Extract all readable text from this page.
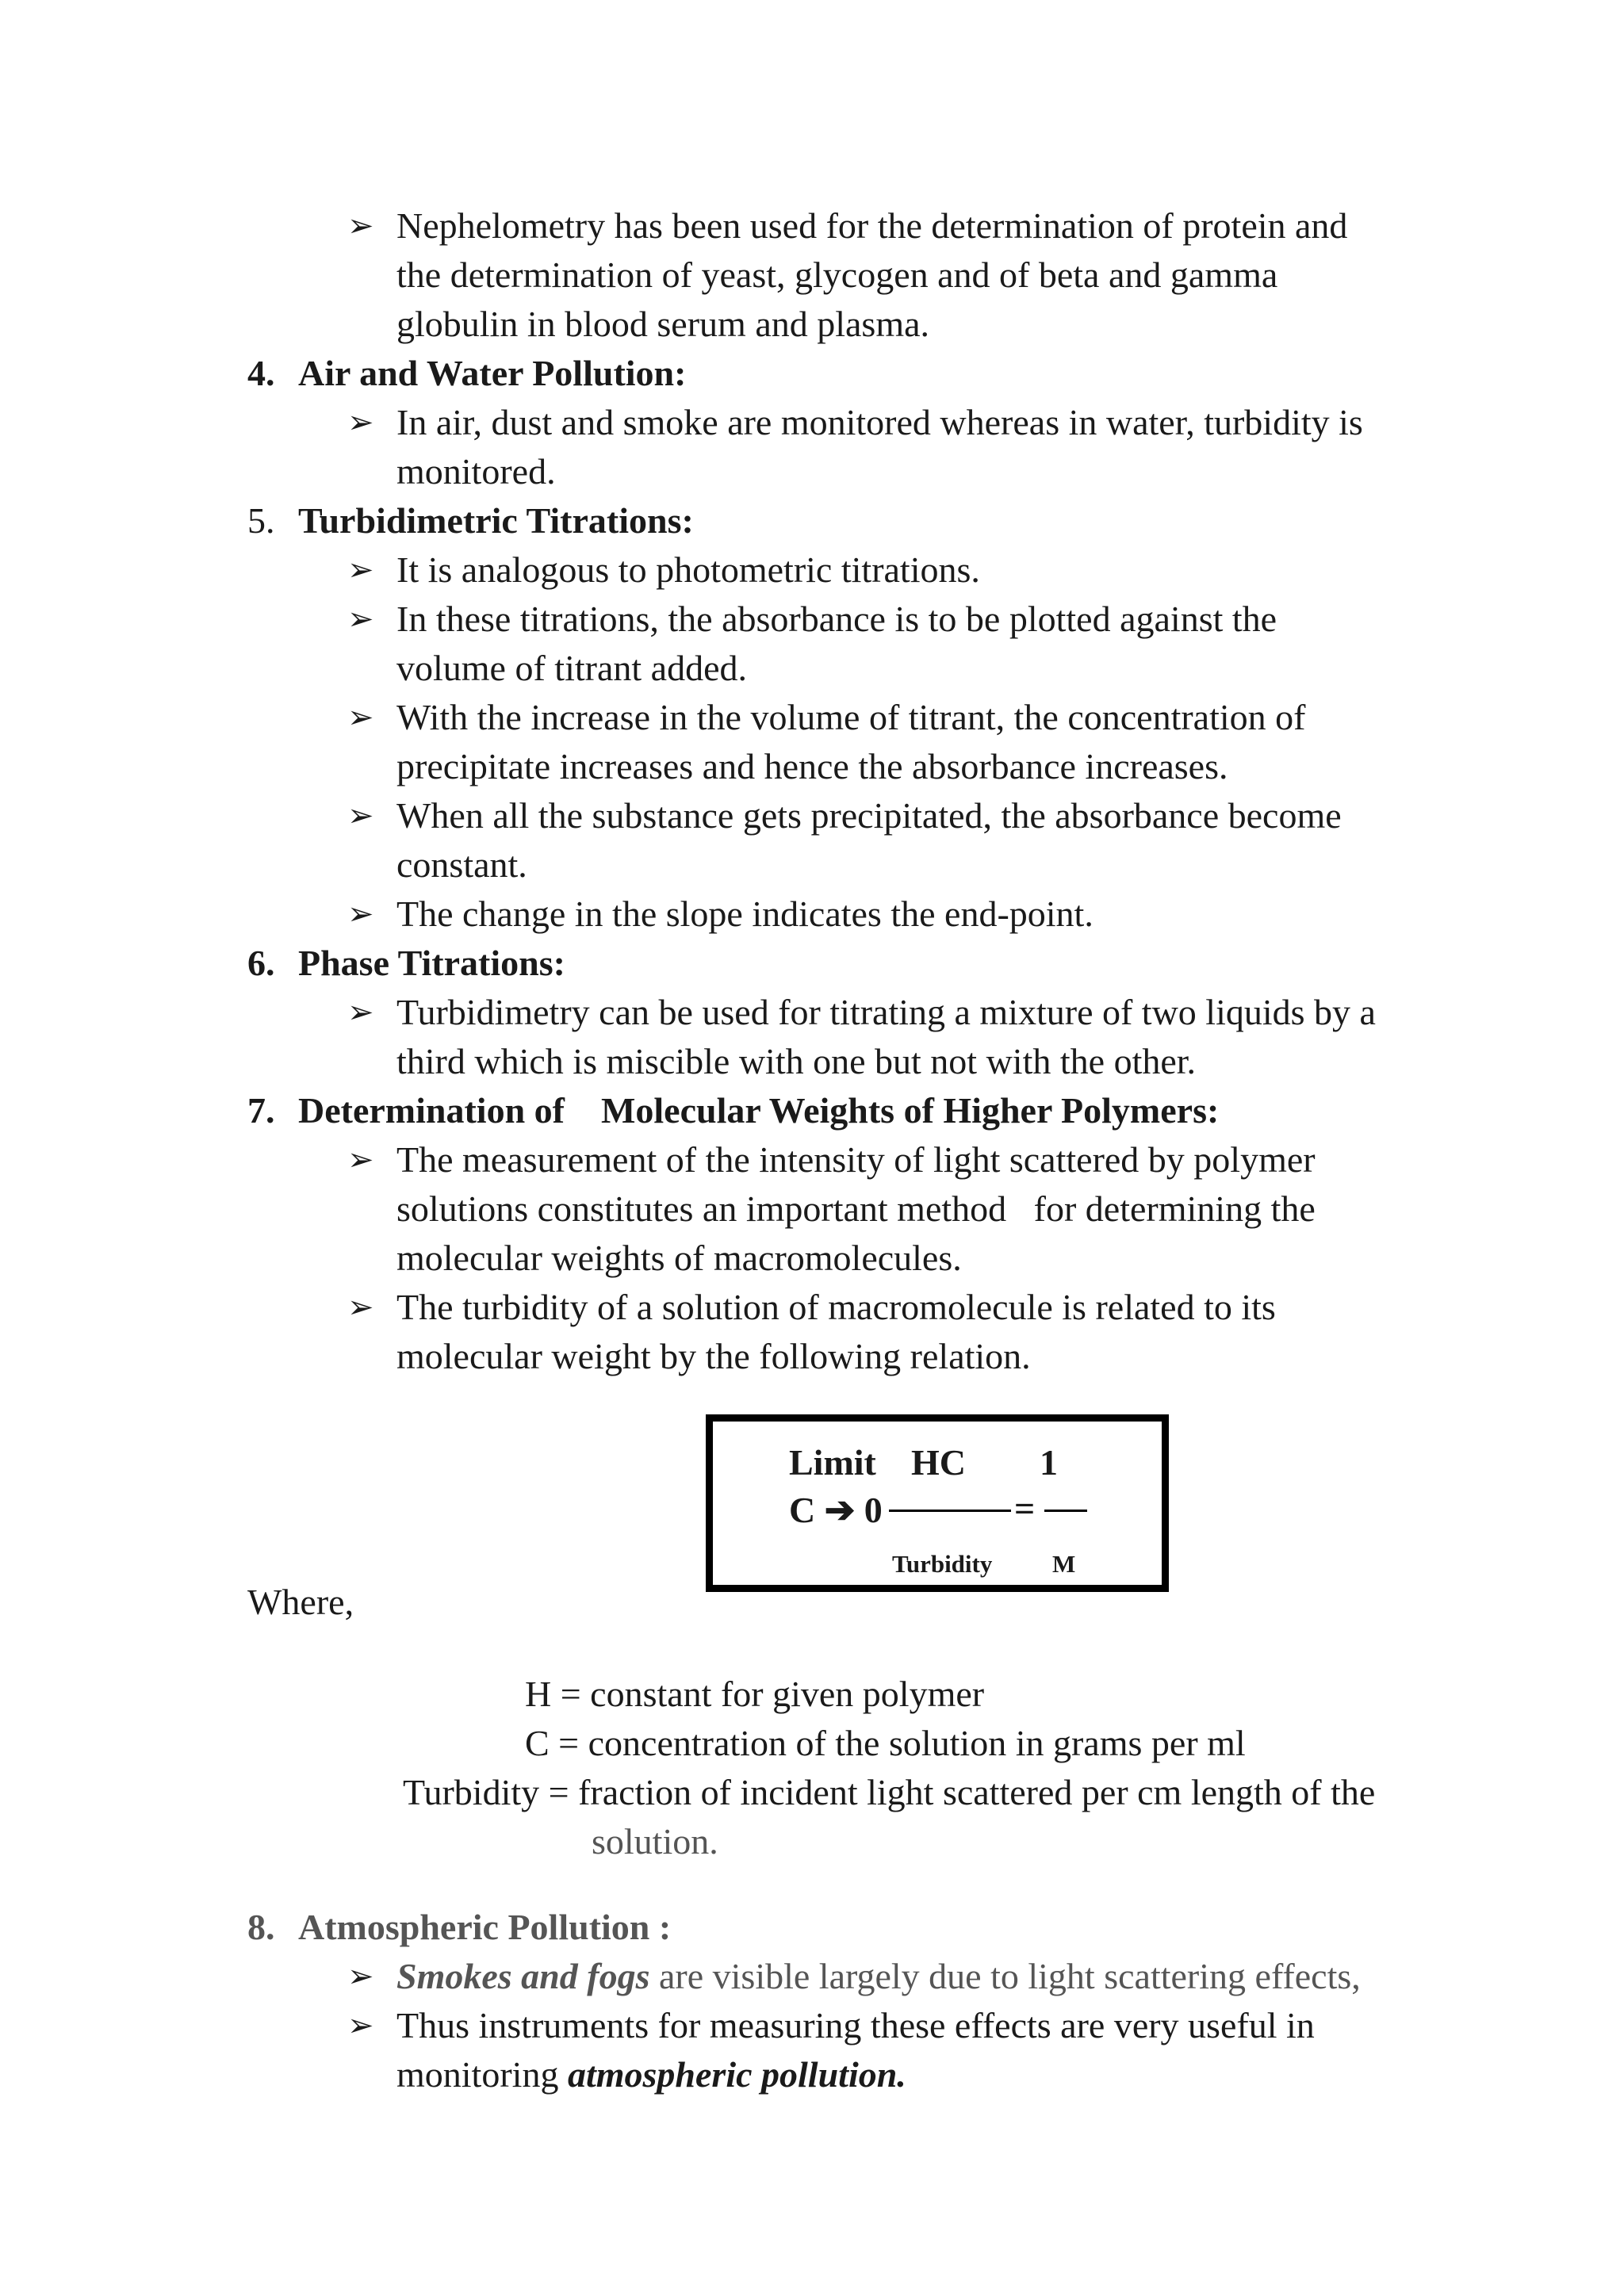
➢ Nephelometry has been used for the determination of protein and
the determination of yeast, glycogen and of beta and gamma
globulin in blood serum and plasma.
4. Air and Water Pollution:
➢ In air, dust and smoke are monitored whereas in water, turbidity is
monitored.
5. Turbidimetric Titrations:
➢ It is analogous to photometric titrations.
➢ In these titrations, the absorbance is to be plotted against the
volume of titrant added.
➢ With the increase in the volume of titrant, the concentration of
precipitate increases and hence the absorbance increases.
➢ When all the substance gets precipitated, the absorbance become
constant.
➢ The change in the slope indicates the end-point.
6. Phase Titrations:
➢ Turbidimetry can be used for titrating a mixture of two liquids by a
third which is miscible with one but not with the other.
7. Determination of    Molecular Weights of Higher Polymers:
➢ The measurement of the intensity of light scattered by polymer
solutions constitutes an important method   for determining the
molecular weights of macromolecules.
➢ The turbidity of a solution of macromolecule is related to its
molecular weight by the following relation.
Limit HC 1
C ➔ 0	=
Turbidity M
Where,
H = constant for given polymer
C = concentration of the solution in grams per ml
Turbidity = fraction of incident light scattered per cm length of the
solution.
8. Atmospheric Pollution :
➢ Smokes and fogs are visible largely due to light scattering effects,
➢ Thus instruments for measuring these effects are very useful in
monitoring atmospheric pollution.
